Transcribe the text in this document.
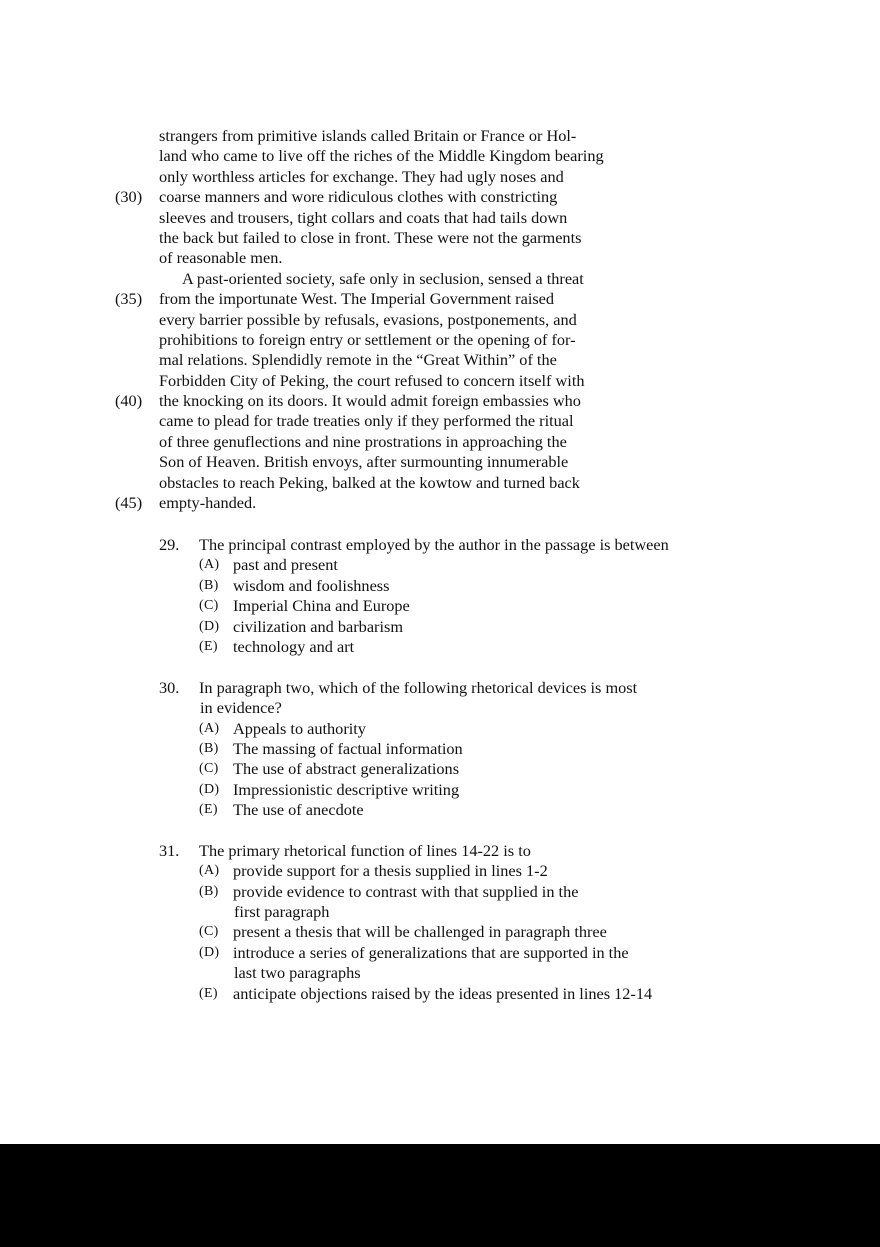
strangers from primitive islands called Britain or France or Hol-
land who came to live off the riches of the Middle Kingdom bearing
only worthless articles for exchange. They had ugly noses and
(30) coarse manners and wore ridiculous clothes with constricting
sleeves and trousers, tight collars and coats that had tails down
the back but failed to close in front. These were not the garments
of reasonable men.
A past-oriented society, safe only in seclusion, sensed a threat
(35) from the importunate West. The Imperial Government raised
every barrier possible by refusals, evasions, postponements, and
prohibitions to foreign entry or settlement or the opening of for-
mal relations. Splendidly remote in the “Great Within” of the
Forbidden City of Peking, the court refused to concern itself with
(40) the knocking on its doors. It would admit foreign embassies who
came to plead for trade treaties only if they performed the ritual
of three genuflections and nine prostrations in approaching the
Son of Heaven. British envoys, after surmounting innumerable
obstacles to reach Peking, balked at the kowtow and turned back
(45) empty-handed.
29. The principal contrast employed by the author in the passage is between
(A) past and present
(B) wisdom and foolishness
(C) Imperial China and Europe
(D) civilization and barbarism
(E) technology and art
30. In paragraph two, which of the following rhetorical devices is most
in evidence?
(A) Appeals to authority
(B) The massing of factual information
(C) The use of abstract generalizations
(D) Impressionistic descriptive writing
(E) The use of anecdote
31. The primary rhetorical function of lines 14-22 is to
(A) provide support for a thesis supplied in lines 1-2
(B) provide evidence to contrast with that supplied in the
first paragraph
(C) present a thesis that will be challenged in paragraph three
(D) introduce a series of generalizations that are supported in the
last two paragraphs
(E) anticipate objections raised by the ideas presented in lines 12-14
